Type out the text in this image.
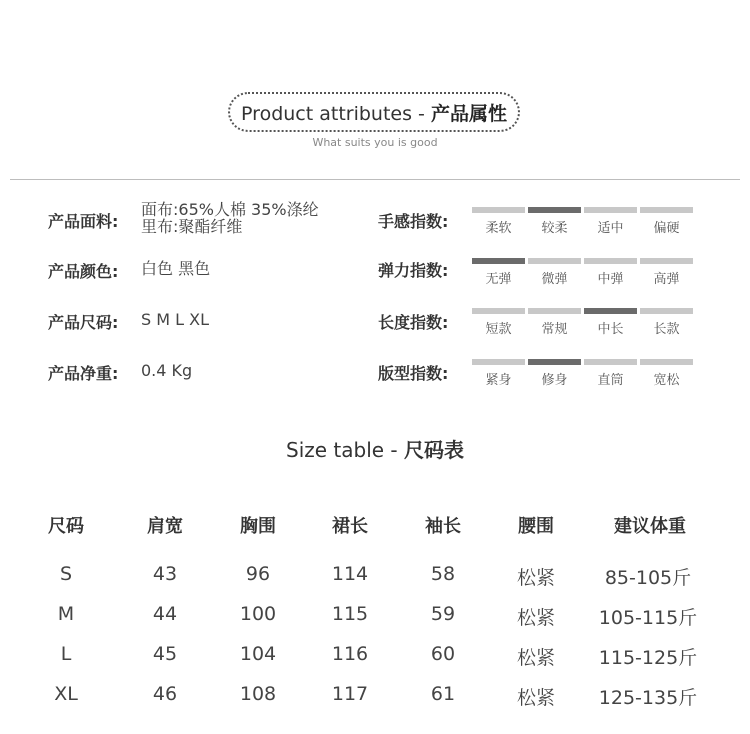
Product attributes - 产品属性
What suits you is good
产品面料:
面布:65%人棉 35%涤纶
里布:聚酯纤维
产品颜色: 白色 黑色
产品尺码: S M L XL
产品净重: 0.4 Kg
手感指数:	柔软	较柔	适中	偏硬
弹力指数:	无弹	微弹	中弹	高弹
长度指数:	短款	常规	中长	长款
版型指数:	紧身	修身	直筒	宽松
Size table - 尺码表
尺码	肩宽	胸围	裙长	袖长	腰围	建议体重
S	43	96	114	58	松紧	85-105斤
M	44	100	115	59	松紧	105-115斤
L	45	104	116	60	松紧	115-125斤
XL	46	108	117	61	松紧	125-135斤
